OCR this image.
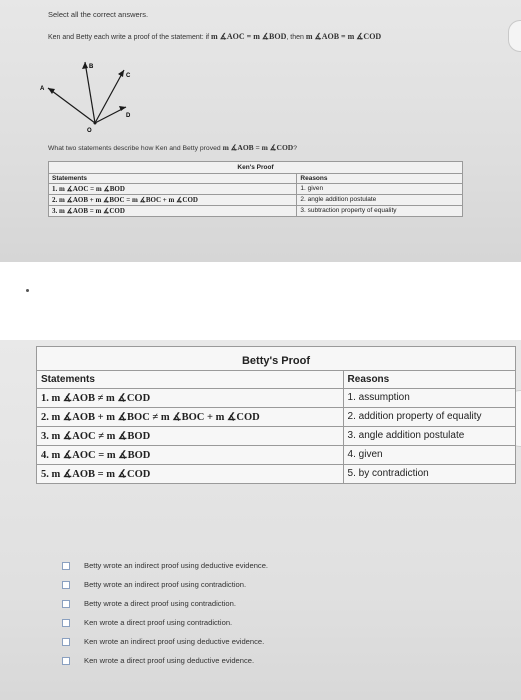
Select all the correct answers.
Ken and Betty each write a proof of the statement: if m ∡AOC = m ∡BOD, then m ∡AOB = m ∡COD
A
B
C
D
O
What two statements describe how Ken and Betty proved m ∡AOB = m ∡COD?
Ken's Proof	
Statements	Reasons
1. m ∡AOC = m ∡BOD	1. given
2. m ∡AOB + m ∡BOC = m ∡BOC + m ∡COD	2. angle addition postulate
3. m ∡AOB = m ∡COD	3. subtraction property of equality
Betty's Proof	
Statements	Reasons
1. m ∡AOB ≠ m ∡COD	1. assumption
2. m ∡AOB + m ∡BOC ≠ m ∡BOC + m ∡COD	2. addition property of equality
3. m ∡AOC ≠ m ∡BOD	3. angle addition postulate
4. m ∡AOC = m ∡BOD	4. given
5. m ∡AOB = m ∡COD	5. by contradiction
Betty wrote an indirect proof using deductive evidence.
Betty wrote an indirect proof using contradiction.
Betty wrote a direct proof using contradiction.
Ken wrote a direct proof using contradiction.
Ken wrote an indirect proof using deductive evidence.
Ken wrote a direct proof using deductive evidence.
